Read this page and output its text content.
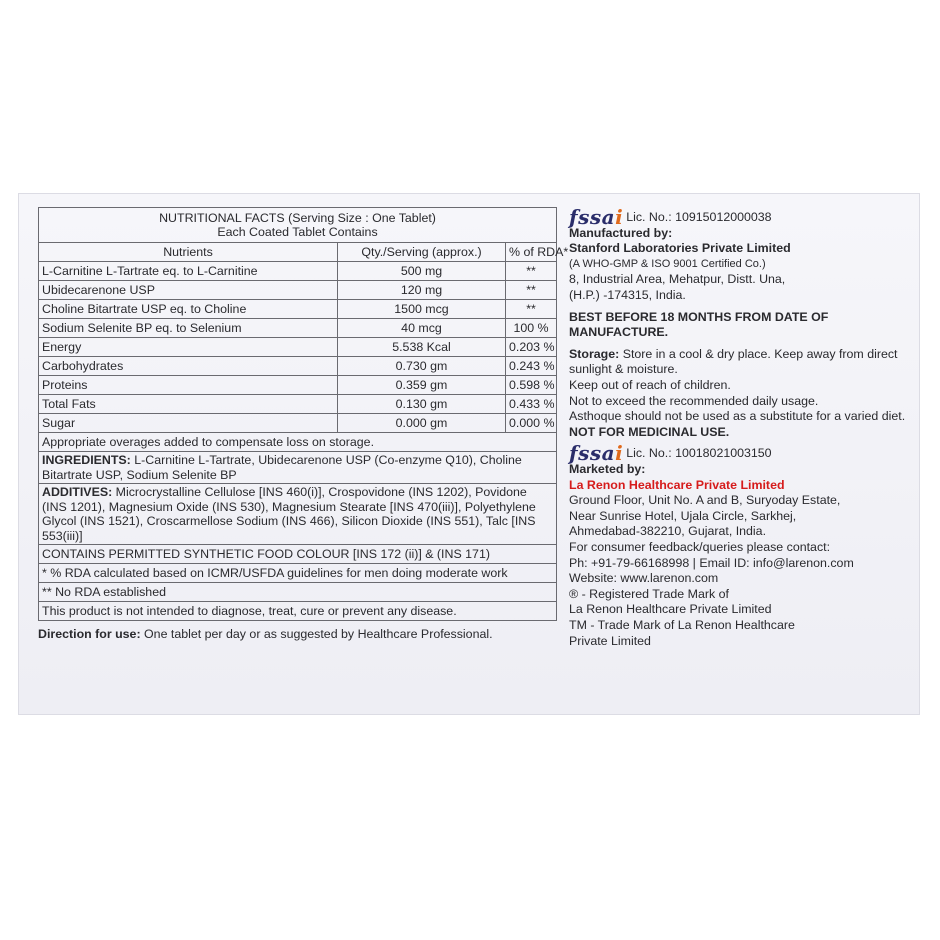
NUTRITIONAL FACTS (Serving Size : One Tablet)
Each Coated Tablet Contains		
Nutrients	Qty./Serving (approx.)	% of RDA*
L-Carnitine L-Tartrate eq. to L-Carnitine	500 mg	**
Ubidecarenone USP	120 mg	**
Choline Bitartrate USP eq. to Choline	1500 mcg	**
Sodium Selenite BP eq. to Selenium	40 mcg	100 %
Energy	5.538 Kcal	0.203 %
Carbohydrates	0.730 gm	0.243 %
Proteins	0.359 gm	0.598 %
Total Fats	0.130 gm	0.433 %
Sugar	0.000 gm	0.000 %
Appropriate overages added to compensate loss on storage.		
INGREDIENTS: L-Carnitine L-Tartrate, Ubidecarenone USP (Co-enzyme Q10), Choline Bitartrate USP, Sodium Selenite BP		
ADDITIVES: Microcrystalline Cellulose [INS 460(i)], Crospovidone (INS 1202), Povidone (INS 1201), Magnesium Oxide (INS 530), Magnesium Stearate [INS 470(iii)], Polyethylene Glycol (INS 1521), Croscarmellose Sodium (INS 466), Silicon Dioxide (INS 551), Talc [INS 553(iii)]		
CONTAINS PERMITTED SYNTHETIC FOOD COLOUR [INS 172 (ii)] & (INS 171)		
* % RDA calculated based on ICMR/USFDA guidelines for men doing moderate work		
** No RDA established		
This product is not intended to diagnose, treat, cure or prevent any disease.		
Direction for use: One tablet per day or as suggested by Healthcare Professional.
fssai Lic. No.: 10915012000038
Manufactured by:
Stanford Laboratories Private Limited
(A WHO-GMP & ISO 9001 Certified Co.)
8, Industrial Area, Mehatpur, Distt. Una,
(H.P.) -174315, India.
BEST BEFORE 18 MONTHS FROM DATE OF MANUFACTURE.
Storage: Store in a cool & dry place. Keep away from direct sunlight & moisture.
Keep out of reach of children.
Not to exceed the recommended daily usage.
Asthoque should not be used as a substitute for a varied diet.
NOT FOR MEDICINAL USE.
fssai Lic. No.: 10018021003150
Marketed by:
La Renon Healthcare Private Limited
Ground Floor, Unit No. A and B, Suryoday Estate,
Near Sunrise Hotel, Ujala Circle, Sarkhej,
Ahmedabad-382210, Gujarat, India.
For consumer feedback/queries please contact:
Ph: +91-79-66168998 | Email ID: info@larenon.com
Website: www.larenon.com
® - Registered Trade Mark of
La Renon Healthcare Private Limited
TM - Trade Mark of La Renon Healthcare
Private Limited
